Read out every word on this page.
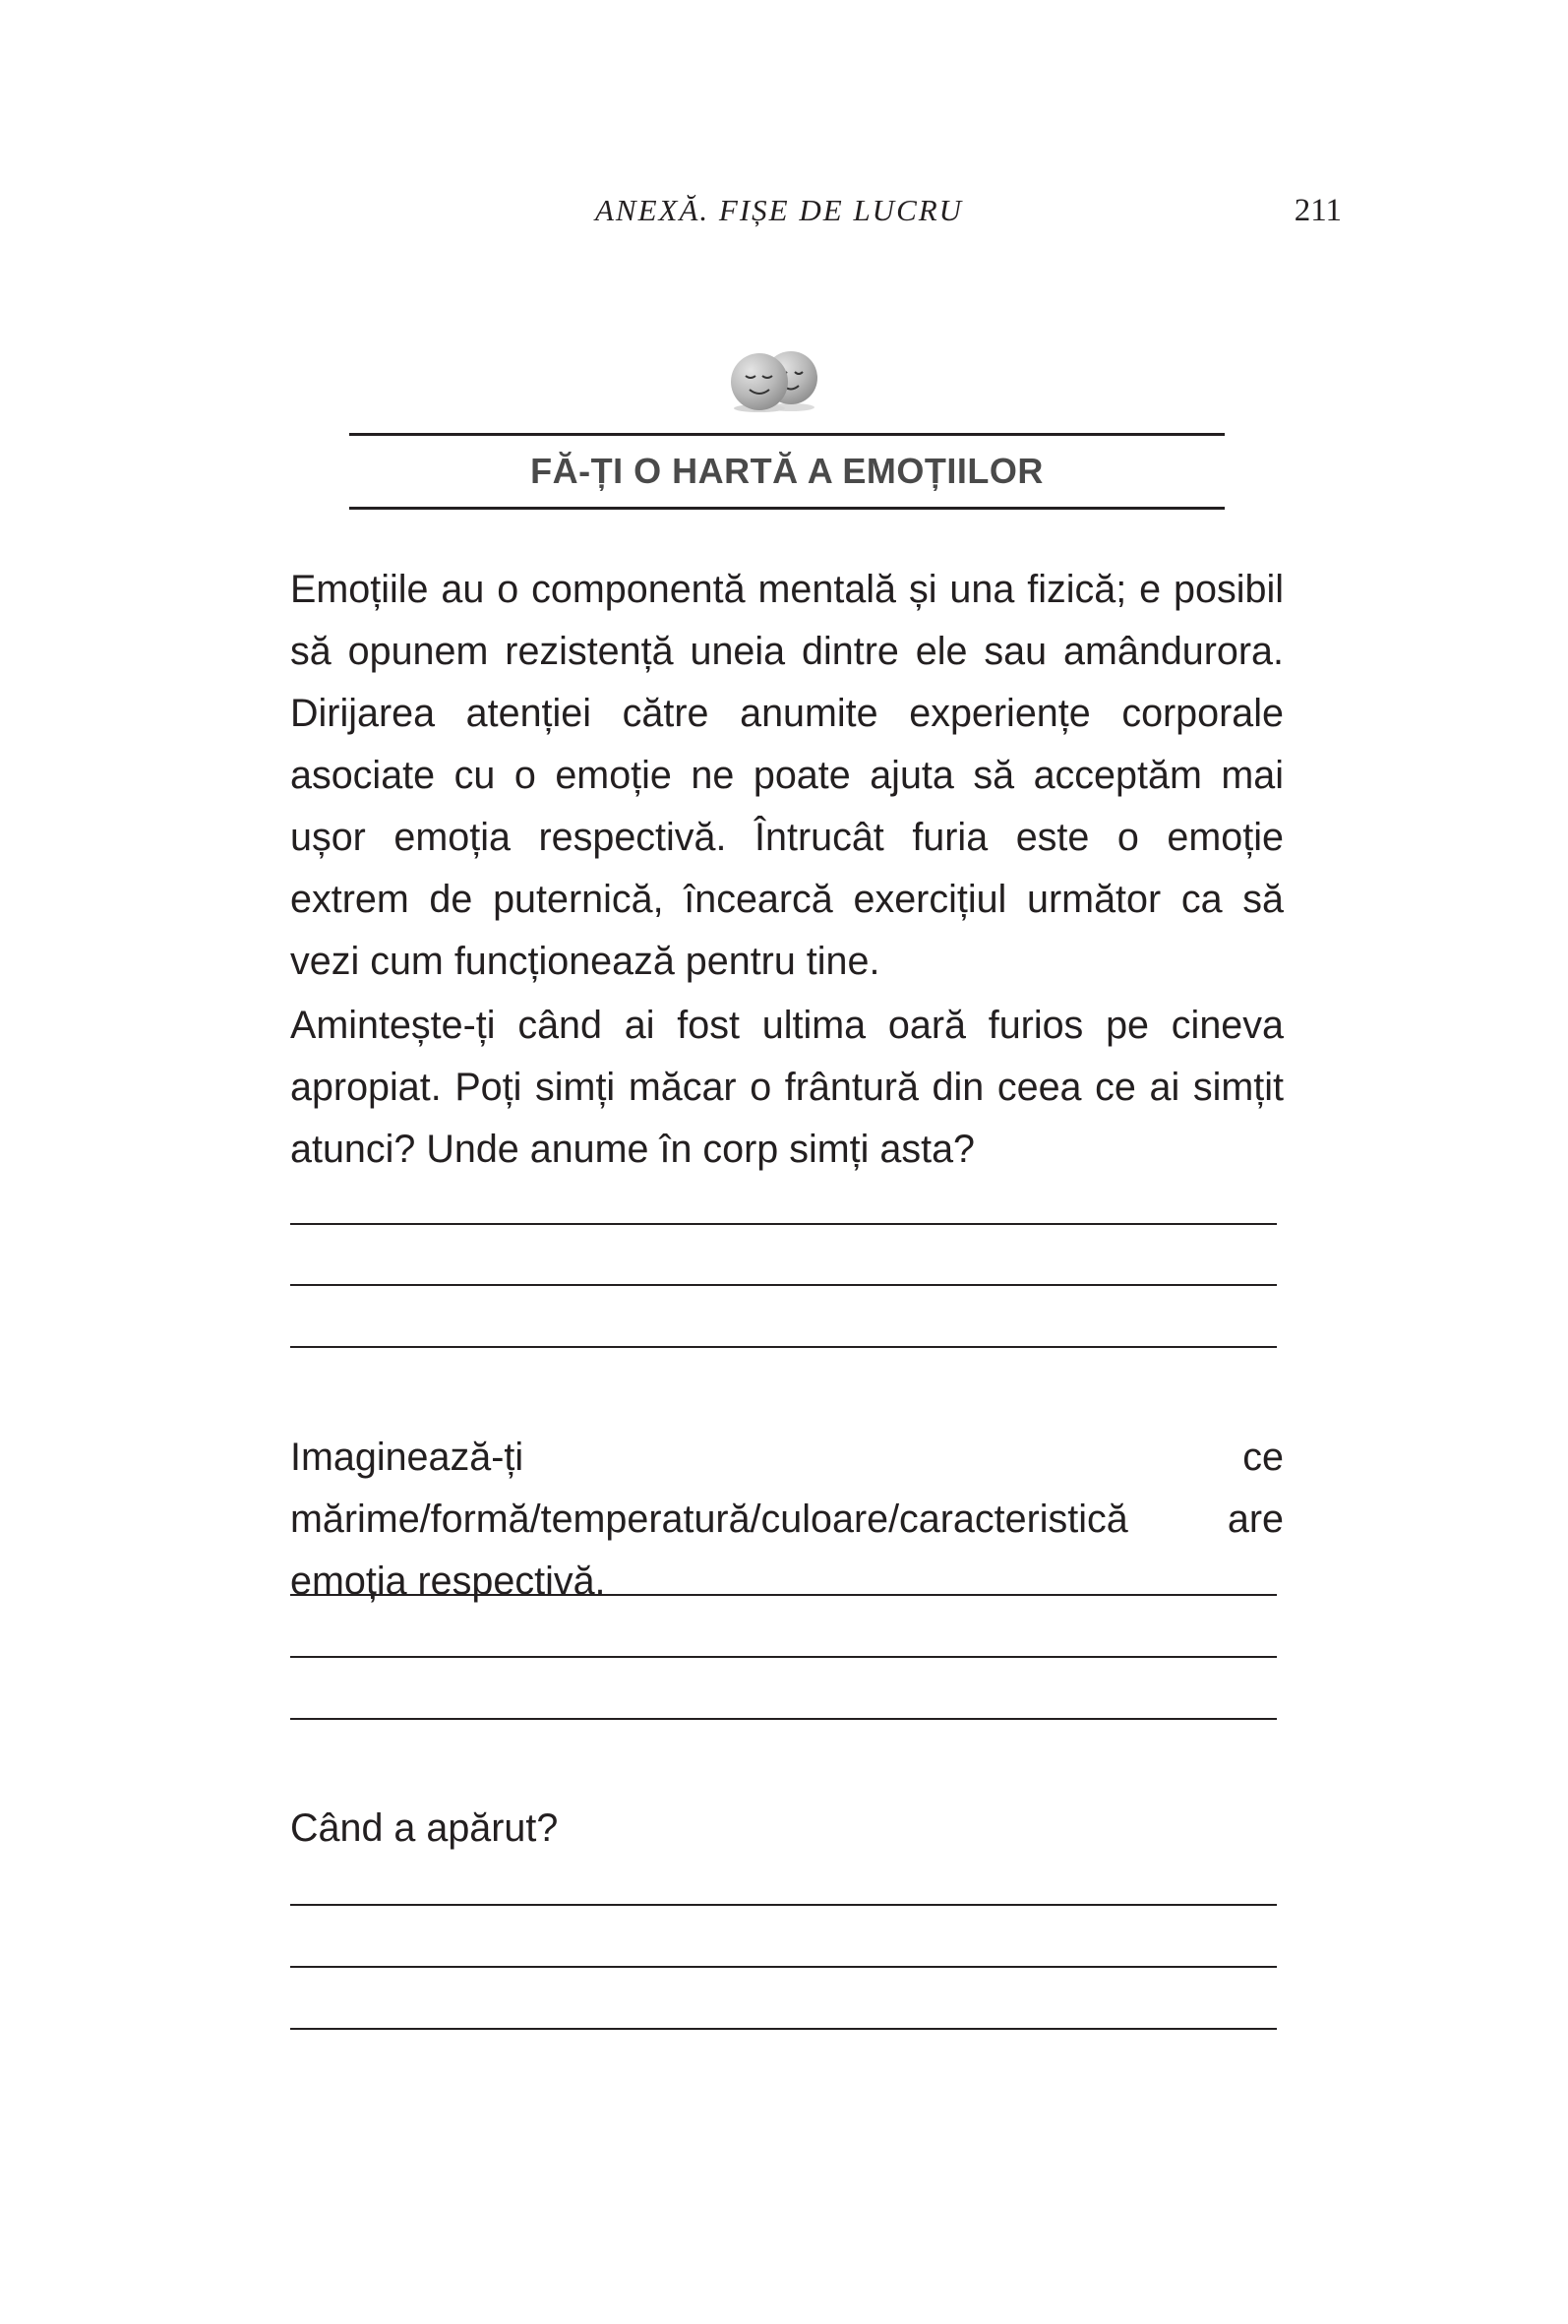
ANEXĂ. FIȘE DE LUCRU	211
FĂ-ȚI O HARTĂ A EMOȚIILOR

Emoțiile au o componentă mentală și una fizică; e posibil să opunem rezistență uneia dintre ele sau amândurora. Dirijarea atenției către anumite experiențe corporale asociate cu o emoție ne poate ajuta să acceptăm mai ușor emoția respectivă. Întrucât furia este o emoție extrem de puternică, încearcă exercițiul următor ca să vezi cum funcționează pentru tine.

Amintește-ți când ai fost ultima oară furios pe cineva apropiat. Poți simți măcar o frântură din ceea ce ai simțit atunci? Unde anume în corp simți asta?

Imaginează-ți ce mărime/formă/temperatură/culoare/caracteristică are emoția respectivă.

Când a apărut?
